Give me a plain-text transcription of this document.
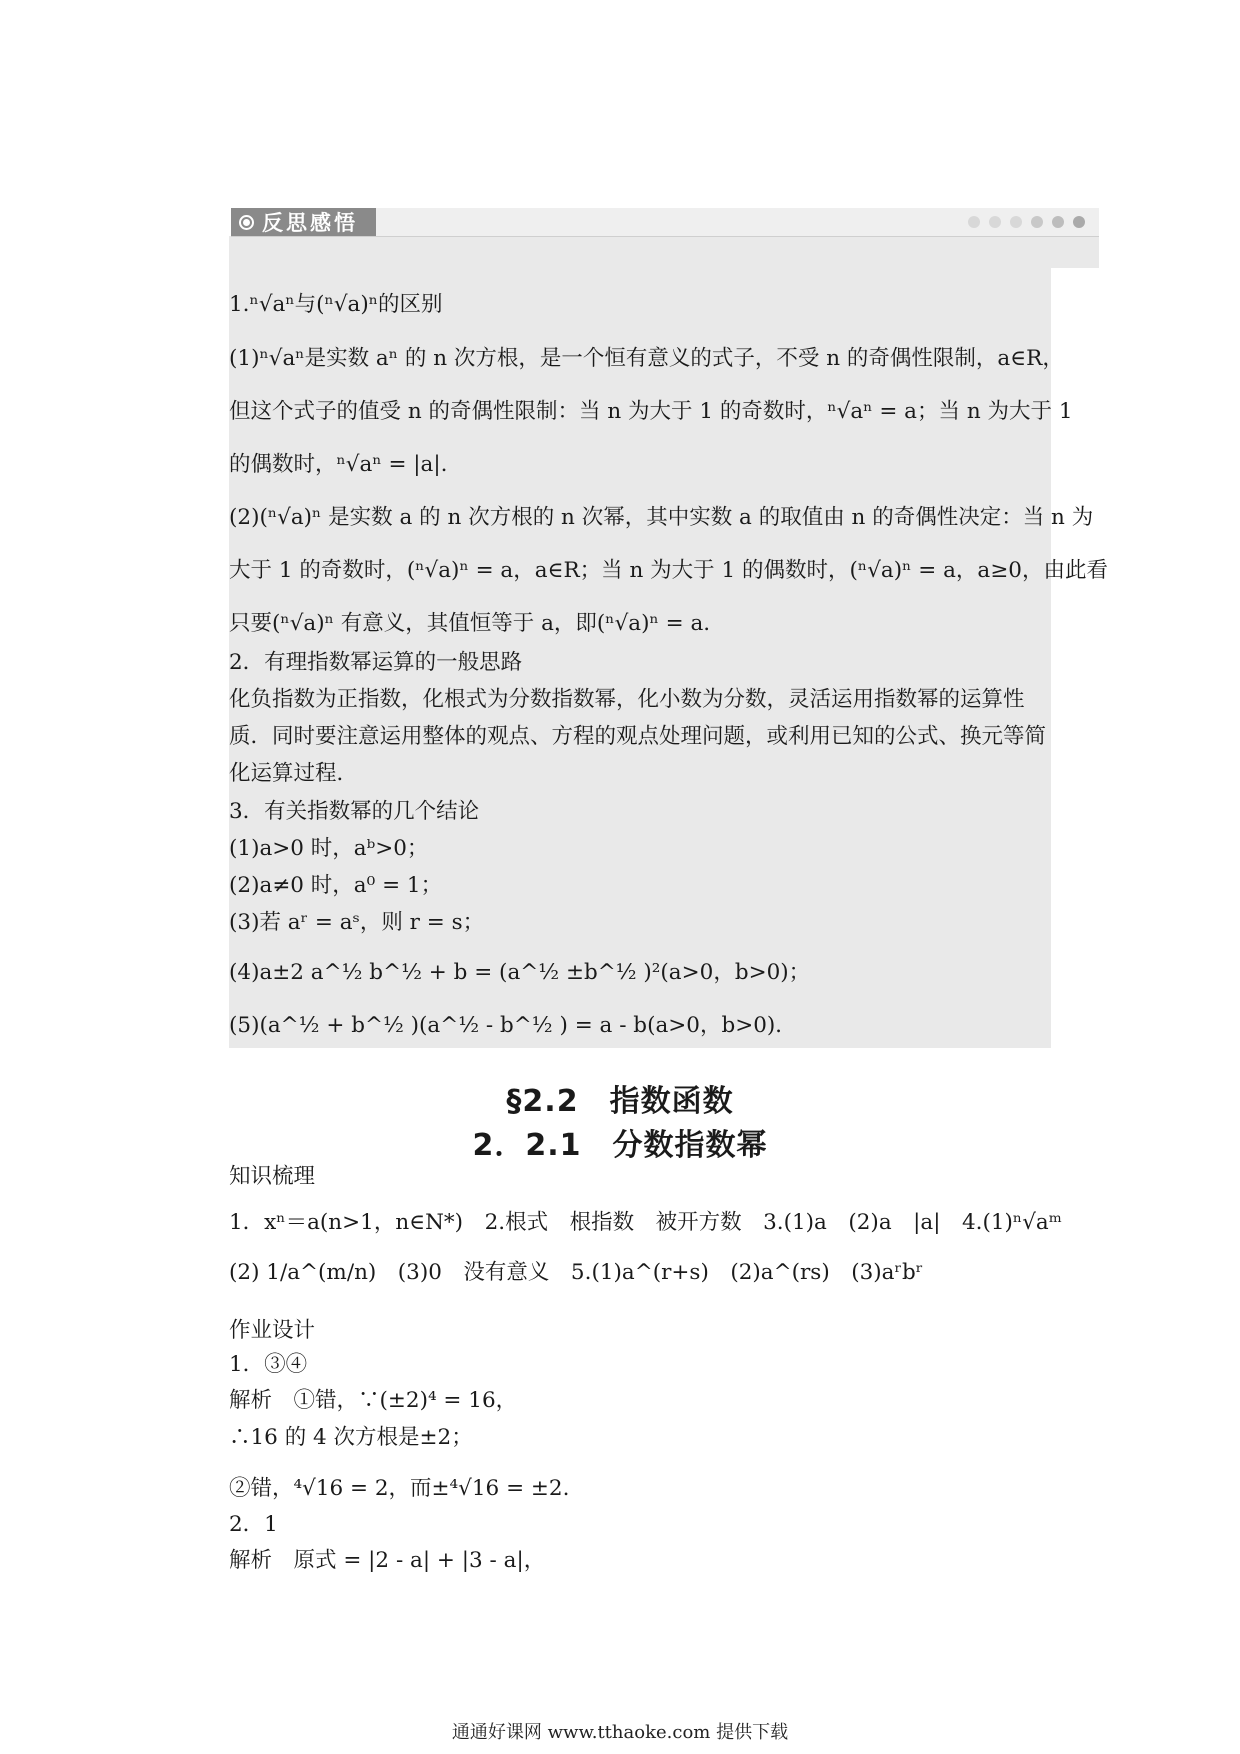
反思感悟
1.ⁿ√aⁿ与(ⁿ√a)ⁿ的区别
(1)ⁿ√aⁿ是实数 aⁿ 的 n 次方根，是一个恒有意义的式子，不受 n 的奇偶性限制，a∈R，
但这个式子的值受 n 的奇偶性限制：当 n 为大于 1 的奇数时，ⁿ√aⁿ = a；当 n 为大于 1
的偶数时，ⁿ√aⁿ = |a|.
(2)(ⁿ√a)ⁿ 是实数 a 的 n 次方根的 n 次幂，其中实数 a 的取值由 n 的奇偶性决定：当 n 为
大于 1 的奇数时，(ⁿ√a)ⁿ = a，a∈R；当 n 为大于 1 的偶数时，(ⁿ√a)ⁿ = a，a≥0，由此看
只要(ⁿ√a)ⁿ 有意义，其值恒等于 a，即(ⁿ√a)ⁿ = a.
2．有理指数幂运算的一般思路
化负指数为正指数，化根式为分数指数幂，化小数为分数，灵活运用指数幂的运算性
质．同时要注意运用整体的观点、方程的观点处理问题，或利用已知的公式、换元等简
化运算过程．
3．有关指数幂的几个结论
(1)a>0 时，aᵇ>0；
(2)a≠0 时，a⁰ = 1；
(3)若 aʳ = aˢ，则 r = s；
(4)a±2 a^½ b^½ + b = (a^½ ±b^½ )²(a>0，b>0)；
(5)(a^½ + b^½ )(a^½ - b^½ ) = a - b(a>0，b>0)．
§2.2　指数函数
2．2.1　分数指数幂
知识梳理
1．xⁿ＝a(n>1，n∈N*)　2.根式　根指数　被开方数　3.(1)a　(2)a　|a|　4.(1)ⁿ√aᵐ
(2) 1/a^(m/n)　(3)0　没有意义　5.(1)a^(r+s)　(2)a^(rs)　(3)aʳbʳ
作业设计
1．③④
解析　①错，∵(±2)⁴ = 16，
∴16 的 4 次方根是±2；
②错，⁴√16 = 2，而±⁴√16 = ±2.
2．1
解析　原式 = |2 - a| + |3 - a|，
通通好课网 www.tthaoke.com 提供下载
